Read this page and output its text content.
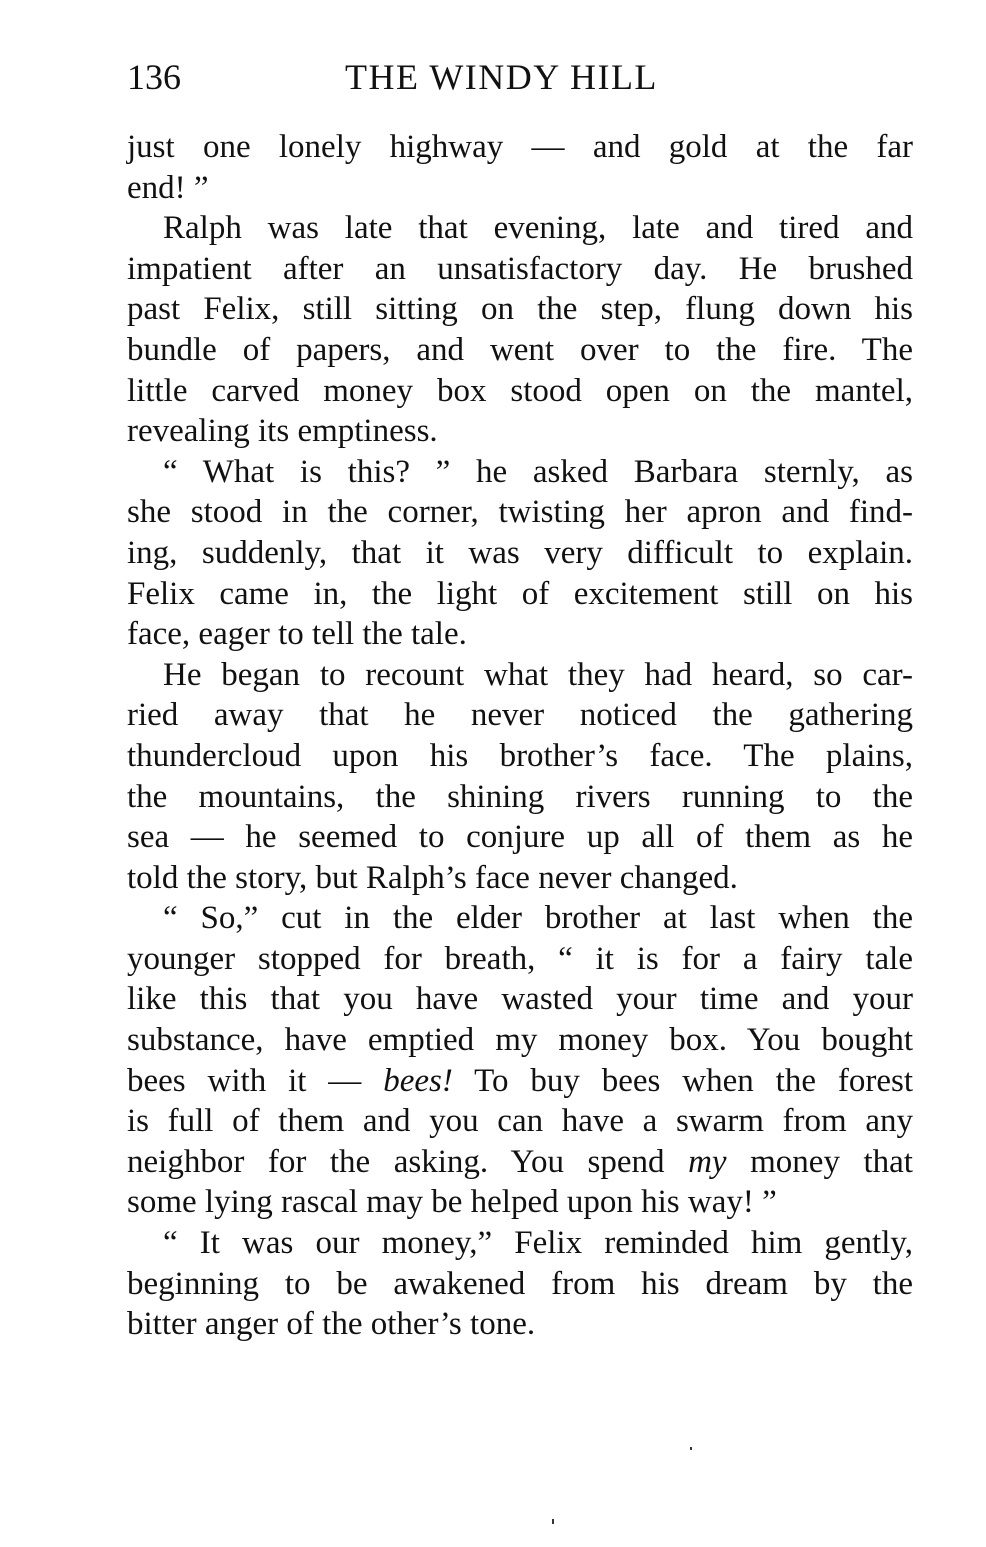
136	THE WINDY HILL
just one lonely highway — and gold at the far
end! ”
Ralph was late that evening, late and tired and
impatient after an unsatisfactory day. He brushed
past Felix, still sitting on the step, flung down his
bundle of papers, and went over to the fire. The
little carved money box stood open on the mantel,
revealing its emptiness.
“ What is this? ” he asked Barbara sternly, as
she stood in the corner, twisting her apron and find-
ing, suddenly, that it was very difficult to explain.
Felix came in, the light of excitement still on his
face, eager to tell the tale.
He began to recount what they had heard, so car-
ried away that he never noticed the gathering
thundercloud upon his brother’s face. The plains,
the mountains, the shining rivers running to the
sea — he seemed to conjure up all of them as he
told the story, but Ralph’s face never changed.
“ So,” cut in the elder brother at last when the
younger stopped for breath, “ it is for a fairy tale
like this that you have wasted your time and your
substance, have emptied my money box. You bought
bees with it — bees! To buy bees when the forest
is full of them and you can have a swarm from any
neighbor for the asking. You spend my money that
some lying rascal may be helped upon his way! ”
“ It was our money,” Felix reminded him gently,
beginning to be awakened from his dream by the
bitter anger of the other’s tone.
